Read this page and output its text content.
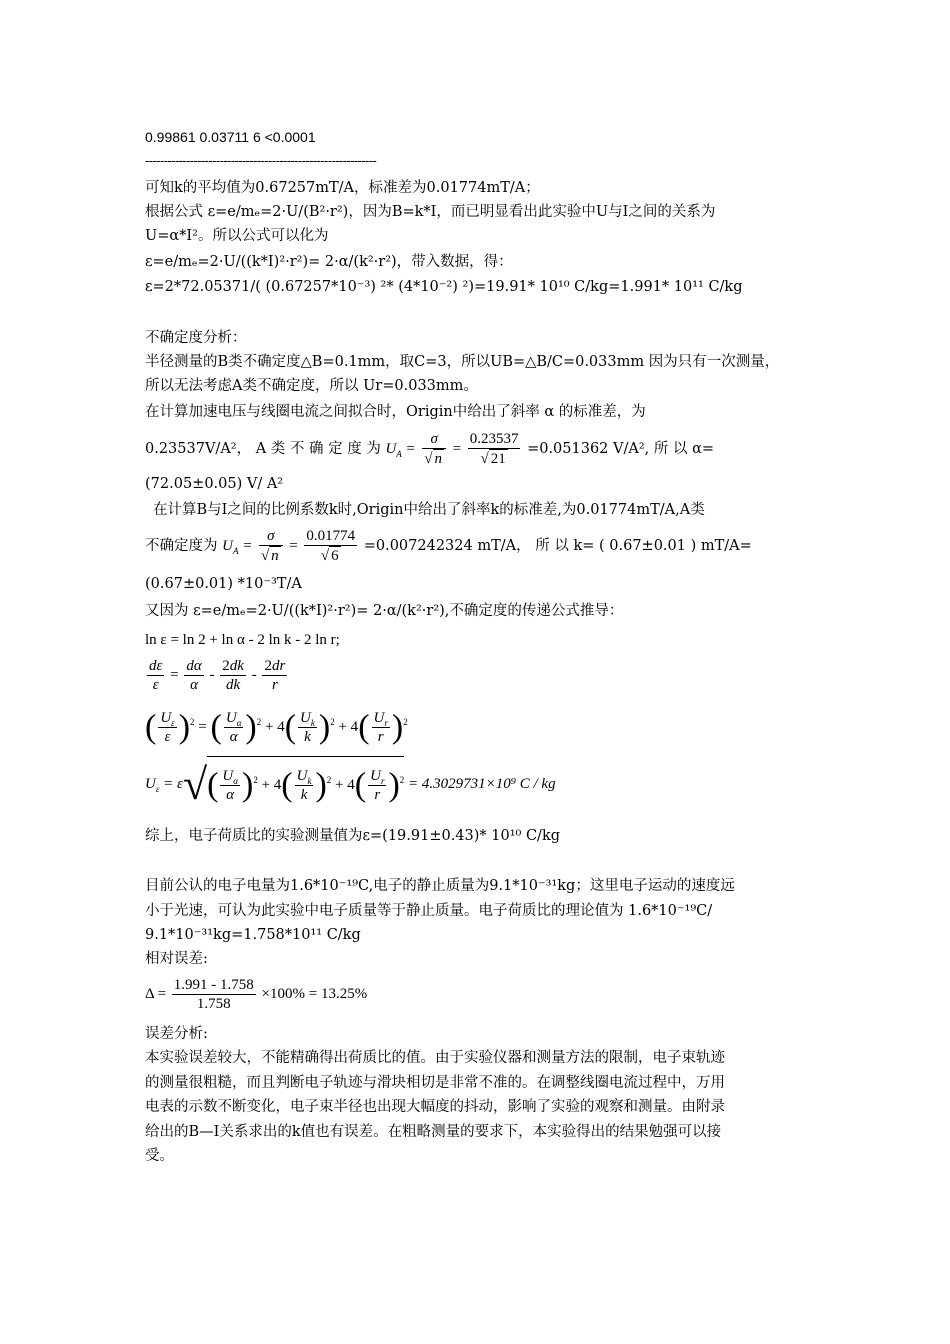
0.99861 0.03711 6 <0.0001
--------------------------------------------------------------
可知k的平均值为0.67257mT/A，标准差为0.01774mT/A；
根据公式 ε=e/mₑ=2·U/(B²·r²)，因为B=k*I，而已明显看出此实验中U与I之间的关系为
U=α*I²。所以公式可以化为
ε=e/mₑ=2·U/((k*I)²·r²)= 2·α/(k²·r²)，带入数据，得：
ε=2*72.05371/( (0.67257*10⁻³) ²* (4*10⁻²) ²)=19.91* 10¹⁰ C/kg=1.991* 10¹¹ C/kg
不确定度分析：
半径测量的B类不确定度△B=0.1mm，取C=3，所以UB=△B/C=0.033mm 因为只有一次测量，
所以无法考虑A类不确定度，所以 Ur=0.033mm。
在计算加速电压与线圈电流之间拟合时，Origin中给出了斜率 α 的标准差，为
0.23537V/A²， A 类 不 确 定 度 为 $U_A = \frac{\sigma}{√ n} = \frac{0.23537}{√ 21} =0.051362$ V/A², 所 以 α=
(72.05±0.05) V/ A²
在计算B与I之间的比例系数k时,Origin中给出了斜率k的标准差,为0.01774mT/A,A类
不确定度为 $U_A = \frac{\sigma}{√ n} = \frac{0.01774}{√ 6} =0.007242324$ mT/A， 所 以 k= ( 0.67±0.01 ) mT/A=
(0.67±0.01) *10⁻³T/A
又因为 ε=e/mₑ=2·U/((k*I)²·r²)= 2·α/(k²·r²),不确定度的传递公式推导：
ln ε = ln 2 + ln α - 2 ln k - 2 ln r;
$\frac{d\varepsilon}{\varepsilon} = \frac{d\alpha}{\alpha} - \frac{2dk}{dk} - \frac{2dr}{r}$
( $\frac{U_\varepsilon}{\varepsilon} )^2$ = ( $\frac{U_\alpha}{\alpha} )^2 + 4( \frac{U_k}{k} )^2 + 4( \frac{U_r}{r} )^2$
$U_\varepsilon = \varepsilon√( \frac{U_\alpha}{\alpha} )^2 + 4( \frac{U_k}{k} )^2 + 4( \frac{U_r}{r} )^2 = 4.3029731\times 10^9$ C / kg
综上，电子荷质比的实验测量值为ε=(19.91±0.43)* 10¹⁰ C/kg
目前公认的电子电量为1.6*10⁻¹⁹C,电子的静止质量为9.1*10⁻³¹kg；这里电子运动的速度远
小于光速，可认为此实验中电子质量等于静止质量。电子荷质比的理论值为 1.6*10⁻¹⁹C/
9.1*10⁻³¹kg=1.758*10¹¹ C/kg
相对误差:
$\Delta = \frac{1.991 - 1.758}{1.758} \times 100\% = 13.25\%$
误差分析:
本实验误差较大，不能精确得出荷质比的值。由于实验仪器和测量方法的限制，电子束轨迹
的测量很粗糙，而且判断电子轨迹与滑块相切是非常不准的。在调整线圈电流过程中，万用
电表的示数不断变化，电子束半径也出现大幅度的抖动，影响了实验的观察和测量。由附录
给出的B—I关系求出的k值也有误差。在粗略测量的要求下，本实验得出的结果勉强可以接
受。
